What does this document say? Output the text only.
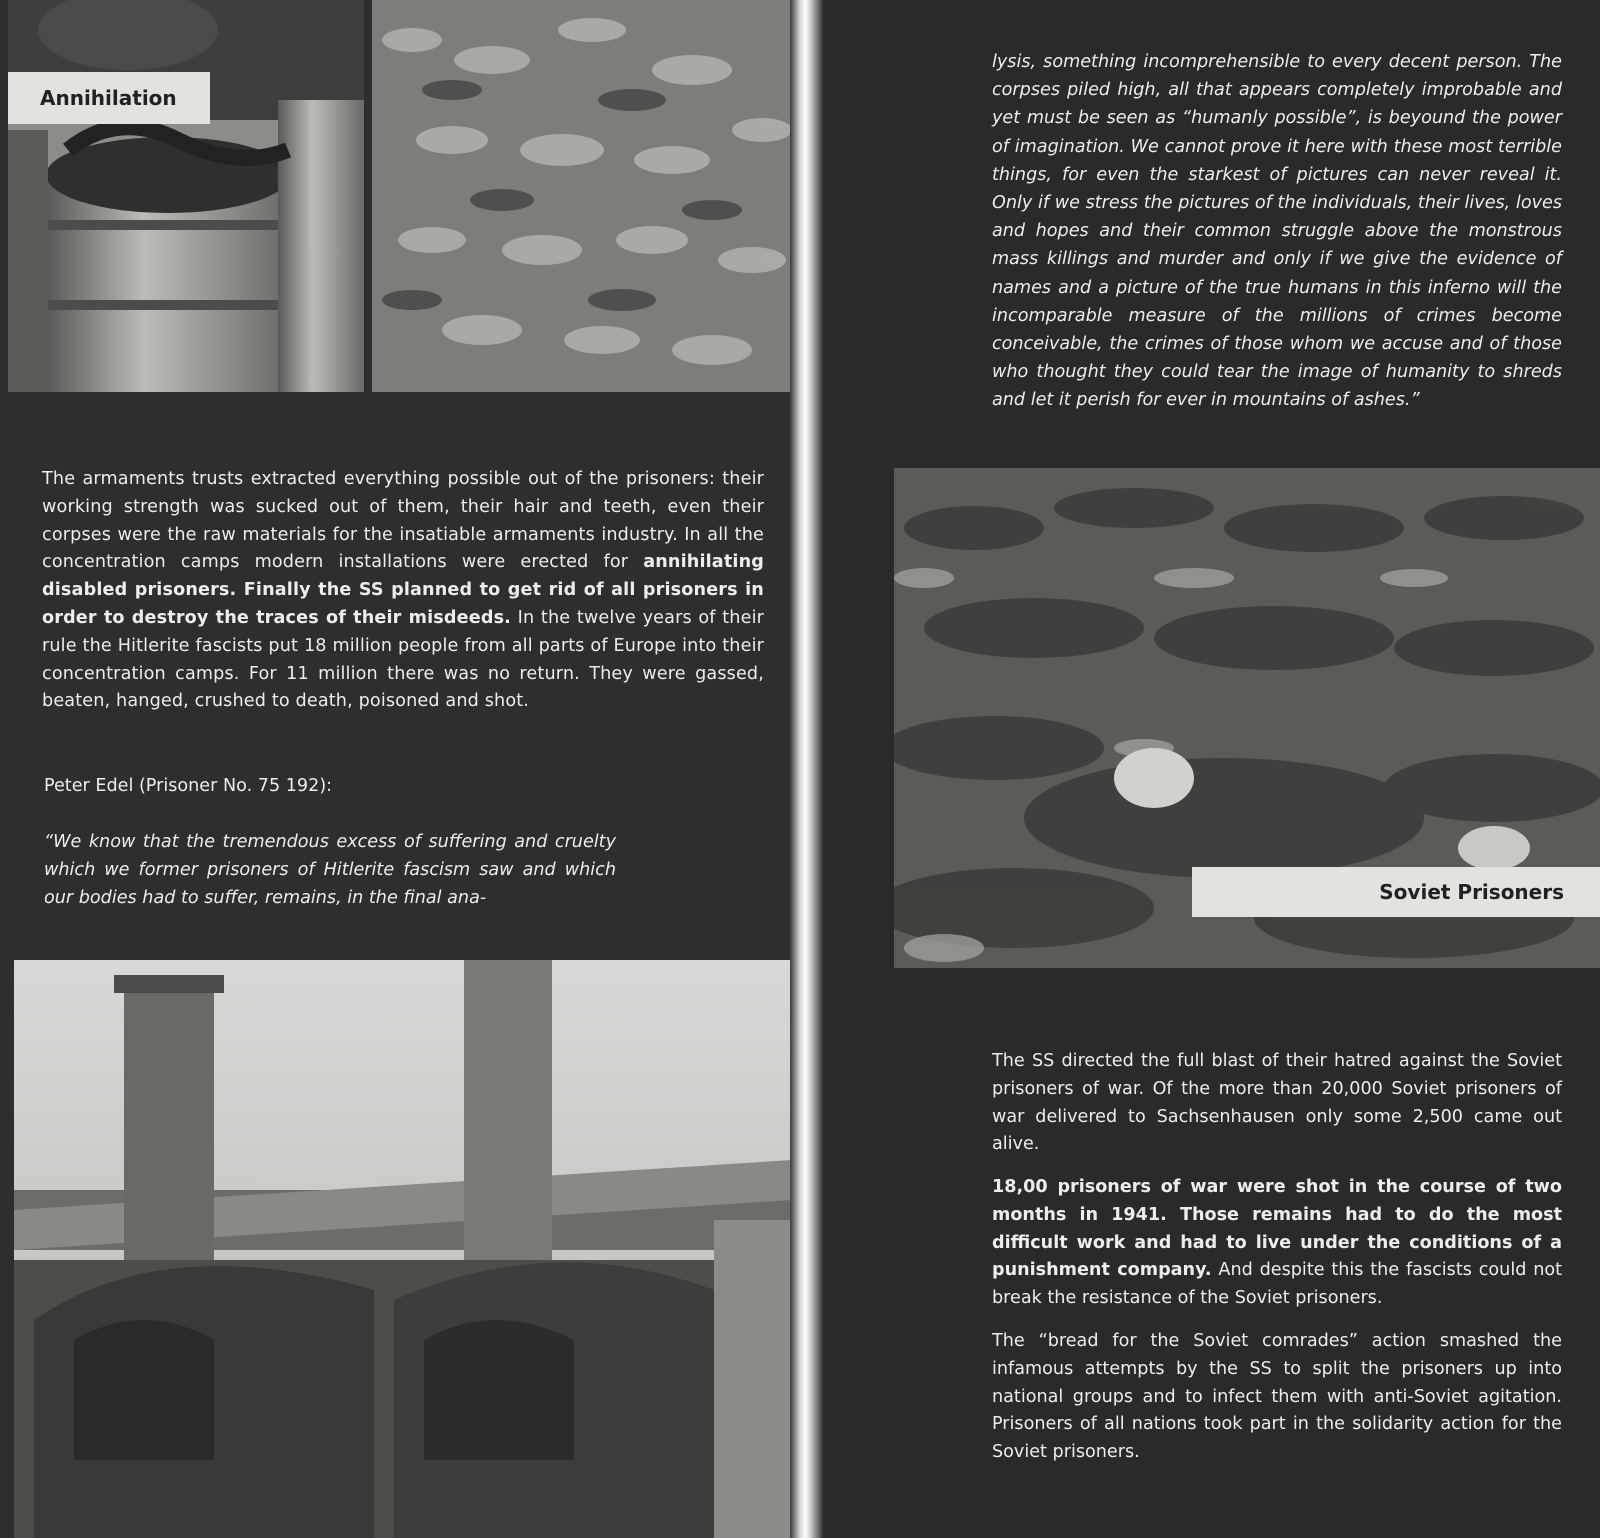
Annihilation
The armaments trusts extracted everything possible out of the prisoners: their working strength was sucked out of them, their hair and teeth, even their corpses were the raw materials for the insatiable armaments industry. In all the concentration camps modern installations were erected for annihilating disabled prisoners. Finally the SS planned to get rid of all prisoners in order to destroy the traces of their misdeeds. In the twelve years of their rule the Hitlerite fascists put 18 million people from all parts of Europe into their concentration camps. For 11 million there was no return. They were gassed, beaten, hanged, crushed to death, poisoned and shot.
Peter Edel (Prisoner No. 75 192):
“We know that the tremendous excess of suffering and cruelty which we former prisoners of Hitlerite fascism saw and which our bodies had to suffer, remains, in the final ana-
lysis, something incomprehensible to every decent person. The corpses piled high, all that appears completely improbable and yet must be seen as “humanly possible”, is beyound the power of imagination. We cannot prove it here with these most terrible things, for even the starkest of pictures can never reveal it. Only if we stress the pictures of the individuals, their lives, loves and hopes and their common struggle above the monstrous mass killings and murder and only if we give the evidence of names and a picture of the true humans in this inferno will the incomparable measure of the millions of crimes become conceivable, the crimes of those whom we accuse and of those who thought they could tear the image of humanity to shreds and let it perish for ever in mountains of ashes.”
Soviet Prisoners
The SS directed the full blast of their hatred against the Soviet prisoners of war. Of the more than 20,000 Soviet prisoners of war delivered to Sachsenhausen only some 2,500 came out alive.
18,00 prisoners of war were shot in the course of two months in 1941. Those remains had to do the most difficult work and had to live under the conditions of a punishment company. And despite this the fascists could not break the resistance of the Soviet prisoners.
The “bread for the Soviet comrades” action smashed the infamous attempts by the SS to split the prisoners up into national groups and to infect them with anti-Soviet agitation. Prisoners of all nations took part in the solidarity action for the Soviet prisoners.
